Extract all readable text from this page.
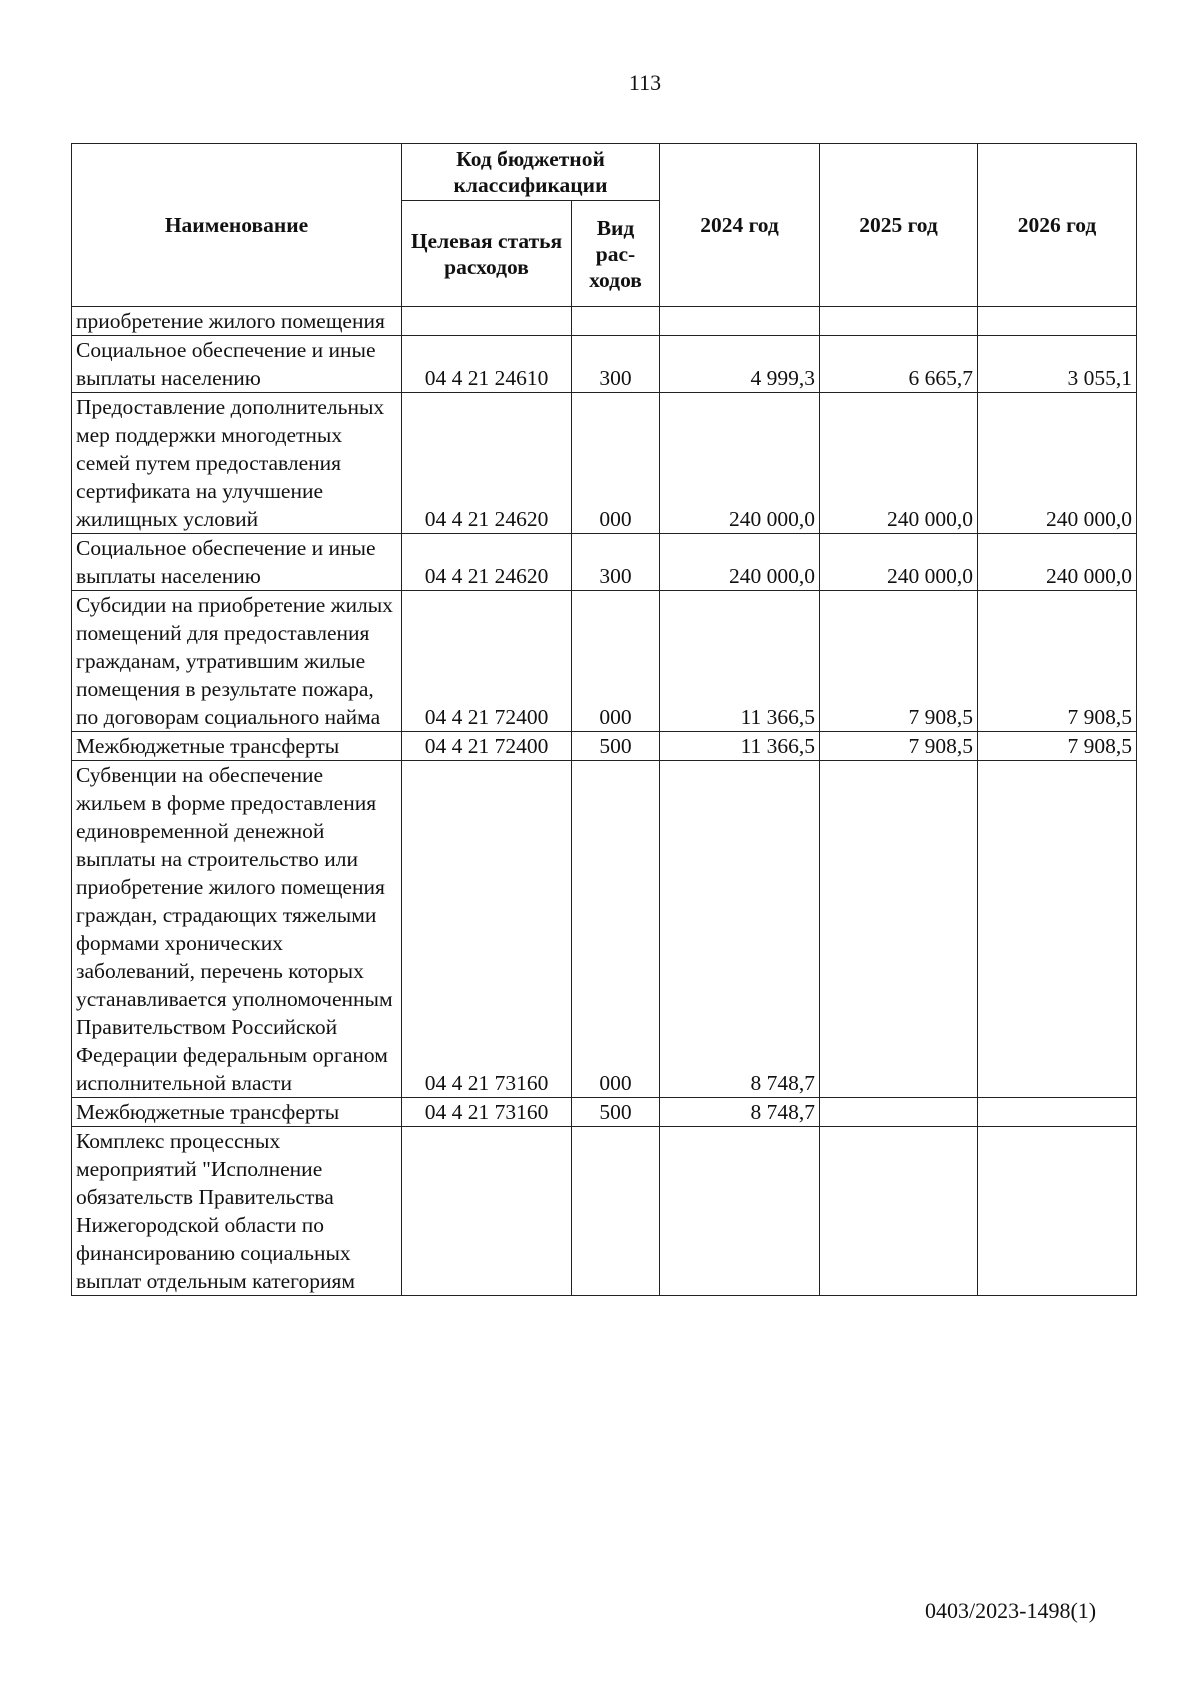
113
Наименование	Код бюджетной классификации		2024 год	2025 год	2026 год
	Целевая статья расходов	Вид рас-ходов			
приобретение жилого помещения					
Социальное обеспечение и иные выплаты населению	04 4 21 24610	300	4 999,3	6 665,7	3 055,1
Предоставление дополнительных мер поддержки многодетных семей путем предоставления сертификата на улучшение жилищных условий	04 4 21 24620	000	240 000,0	240 000,0	240 000,0
Социальное обеспечение и иные выплаты населению	04 4 21 24620	300	240 000,0	240 000,0	240 000,0
Субсидии на приобретение жилых помещений для предоставления гражданам, утратившим жилые помещения в результате пожара, по договорам социального найма	04 4 21 72400	000	11 366,5	7 908,5	7 908,5
Межбюджетные трансферты	04 4 21 72400	500	11 366,5	7 908,5	7 908,5
Субвенции на обеспечение жильем в форме предоставления единовременной денежной выплаты на строительство или приобретение жилого помещения граждан, страдающих тяжелыми формами хронических заболеваний, перечень которых устанавливается уполномоченным Правительством Российской Федерации федеральным органом исполнительной власти	04 4 21 73160	000	8 748,7		
Межбюджетные трансферты	04 4 21 73160	500	8 748,7		
Комплекс процессных мероприятий "Исполнение обязательств Правительства Нижегородской области по финансированию социальных выплат отдельным категориям					
0403/2023-1498(1)
